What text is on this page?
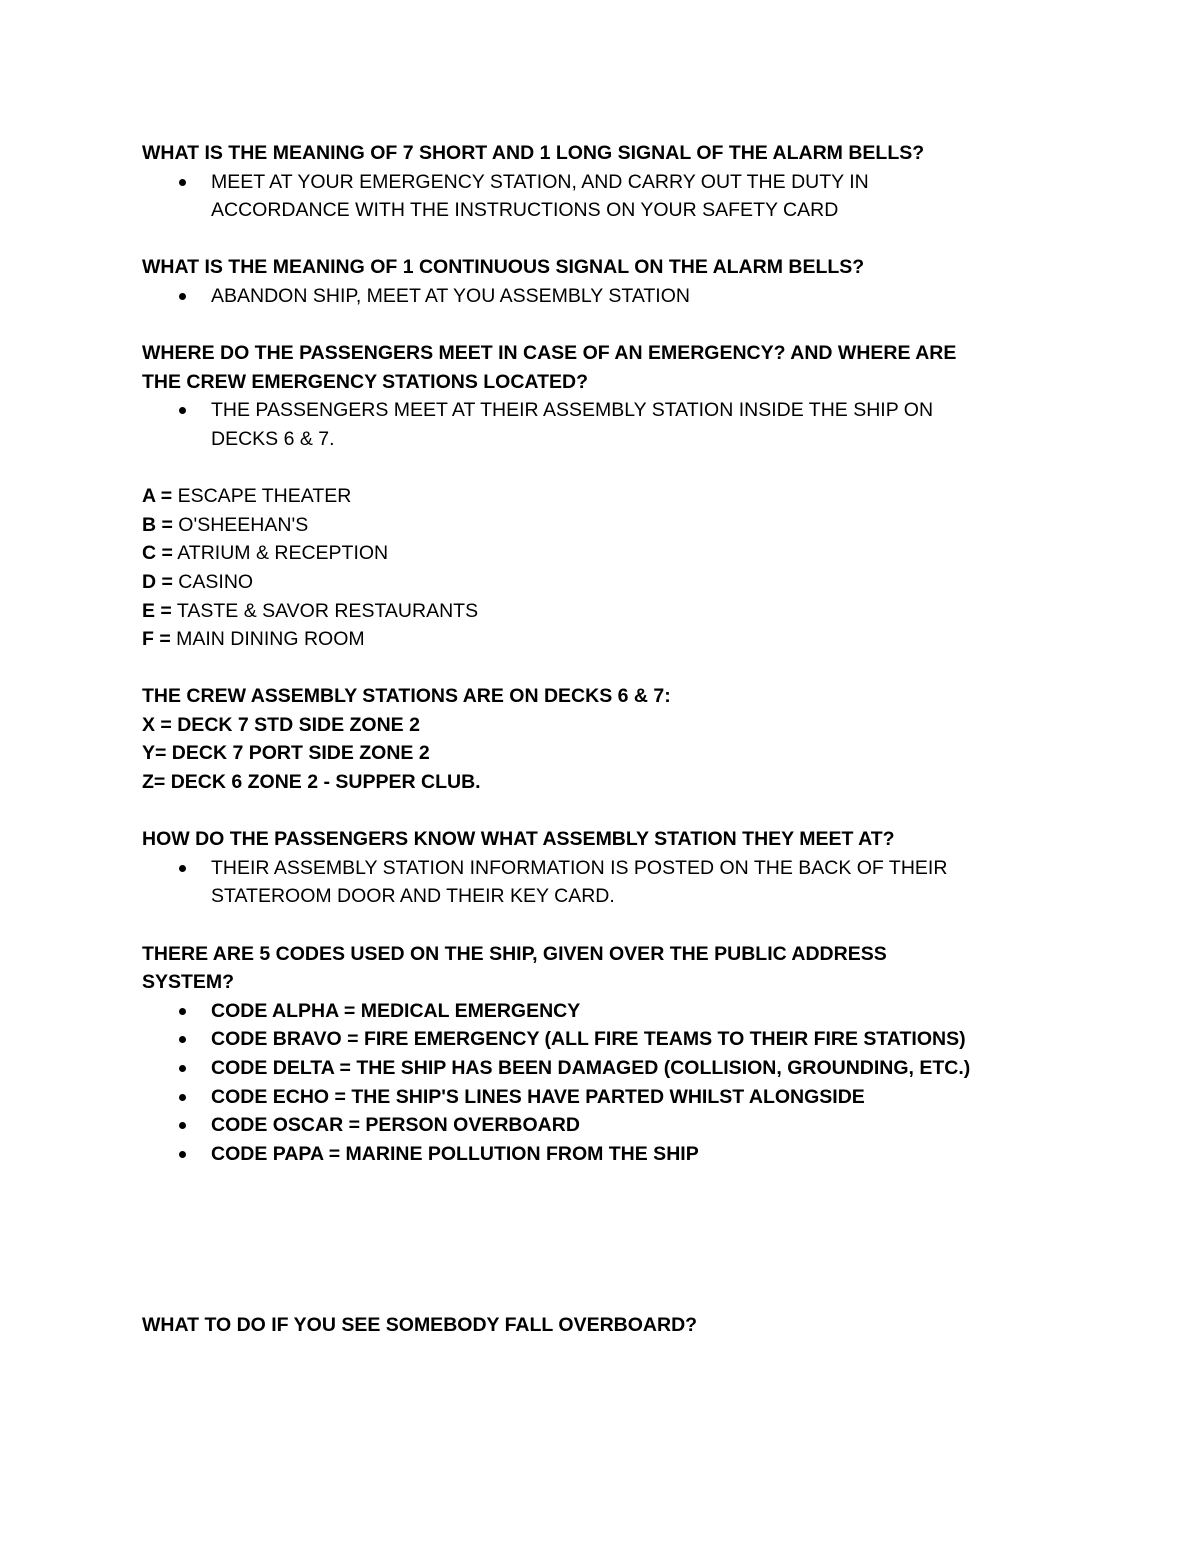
WHAT IS THE MEANING OF 7 SHORT AND 1 LONG SIGNAL OF THE ALARM BELLS?
MEET AT YOUR EMERGENCY STATION, AND CARRY OUT THE DUTY IN
ACCORDANCE WITH THE INSTRUCTIONS ON YOUR SAFETY CARD
WHAT IS THE MEANING OF 1 CONTINUOUS SIGNAL ON THE ALARM BELLS?
ABANDON SHIP, MEET AT YOU ASSEMBLY STATION
WHERE DO THE PASSENGERS MEET IN CASE OF AN EMERGENCY? AND WHERE ARE
THE CREW EMERGENCY STATIONS LOCATED?
THE PASSENGERS MEET AT THEIR ASSEMBLY STATION INSIDE THE SHIP ON
DECKS 6 & 7.
A = ESCAPE THEATER
B = O'SHEEHAN'S
C = ATRIUM & RECEPTION
D = CASINO
E = TASTE & SAVOR RESTAURANTS
F = MAIN DINING ROOM
THE CREW ASSEMBLY STATIONS ARE ON DECKS 6 & 7:
X = DECK 7 STD SIDE ZONE 2
Y= DECK 7 PORT SIDE ZONE 2
Z= DECK 6 ZONE 2 - SUPPER CLUB.
HOW DO THE PASSENGERS KNOW WHAT ASSEMBLY STATION THEY MEET AT?
THEIR ASSEMBLY STATION INFORMATION IS POSTED ON THE BACK OF THEIR
STATEROOM DOOR AND THEIR KEY CARD.
THERE ARE 5 CODES USED ON THE SHIP, GIVEN OVER THE PUBLIC ADDRESS
SYSTEM?
CODE ALPHA = MEDICAL EMERGENCY
CODE BRAVO = FIRE EMERGENCY (ALL FIRE TEAMS TO THEIR FIRE STATIONS)
CODE DELTA = THE SHIP HAS BEEN DAMAGED (COLLISION, GROUNDING, ETC.)
CODE ECHO = THE SHIP'S LINES HAVE PARTED WHILST ALONGSIDE
CODE OSCAR = PERSON OVERBOARD
CODE PAPA = MARINE POLLUTION FROM THE SHIP
WHAT TO DO IF YOU SEE SOMEBODY FALL OVERBOARD?
